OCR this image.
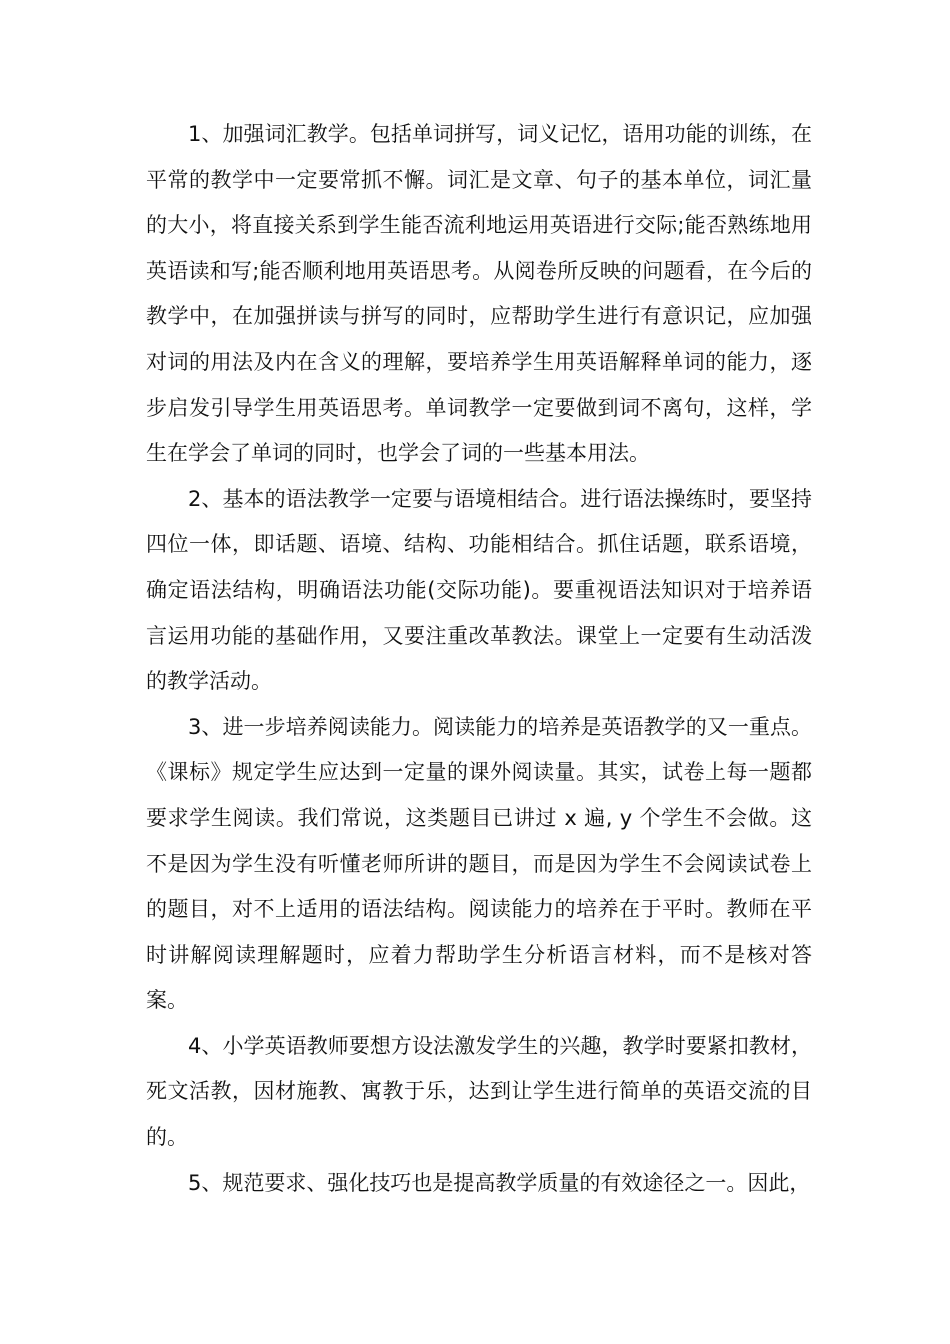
1、加强词汇教学。包括单词拼写，词义记忆，语用功能的训练，在平常的教学中一定要常抓不懈。词汇是文章、句子的基本单位，词汇量的大小，将直接关系到学生能否流利地运用英语进行交际;能否熟练地用英语读和写;能否顺利地用英语思考。从阅卷所反映的问题看，在今后的教学中，在加强拼读与拼写的同时，应帮助学生进行有意识记，应加强对词的用法及内在含义的理解，要培养学生用英语解释单词的能力，逐步启发引导学生用英语思考。单词教学一定要做到词不离句，这样，学生在学会了单词的同时，也学会了词的一些基本用法。

2、基本的语法教学一定要与语境相结合。进行语法操练时，要坚持四位一体，即话题、语境、结构、功能相结合。抓住话题，联系语境，确定语法结构，明确语法功能(交际功能)。要重视语法知识对于培养语言运用功能的基础作用，又要注重改革教法。课堂上一定要有生动活泼的教学活动。

3、进一步培养阅读能力。阅读能力的培养是英语教学的又一重点。《课标》规定学生应达到一定量的课外阅读量。其实，试卷上每一题都要求学生阅读。我们常说，这类题目已讲过 x 遍, y 个学生不会做。这不是因为学生没有听懂老师所讲的题目，而是因为学生不会阅读试卷上的题目，对不上适用的语法结构。阅读能力的培养在于平时。教师在平时讲解阅读理解题时，应着力帮助学生分析语言材料，而不是核对答案。

4、小学英语教师要想方设法激发学生的兴趣，教学时要紧扣教材，死文活教，因材施教、寓教于乐，达到让学生进行简单的英语交流的目的。

5、规范要求、强化技巧也是提高教学质量的有效途径之一。因此，
